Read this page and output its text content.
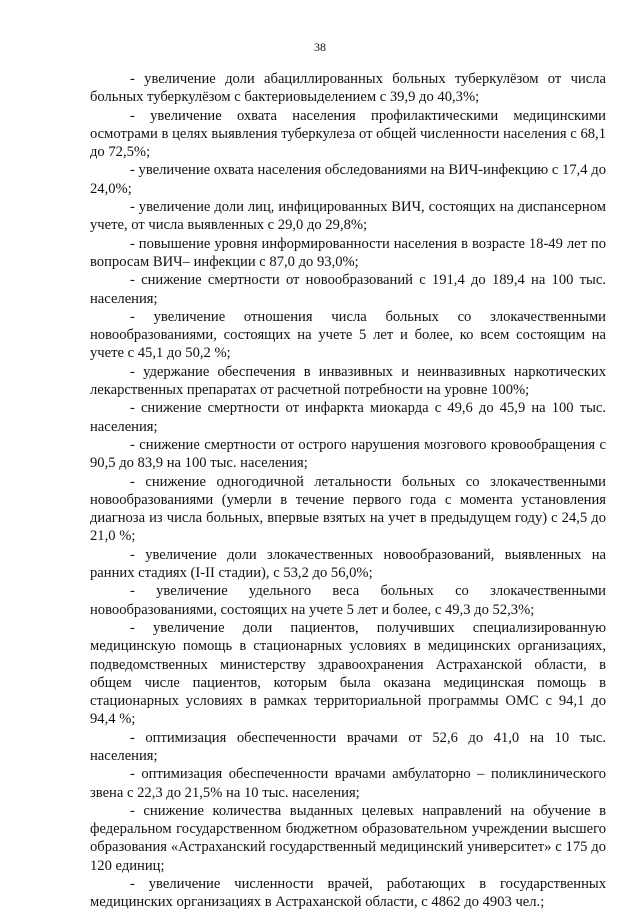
38

- увеличение доли абациллированных больных туберкулёзом от числа больных туберкулёзом с бактериовыделением с 39,9 до 40,3%;

- увеличение охвата населения профилактическими медицинскими осмотрами в целях выявления туберкулеза от общей численности населения с 68,1 до 72,5%;

- увеличение охвата населения обследованиями на ВИЧ-инфекцию с 17,4 до 24,0%;

- увеличение доли лиц, инфицированных ВИЧ, состоящих на диспансерном учете, от числа выявленных с 29,0 до 29,8%;

- повышение уровня информированности населения в возрасте 18-49 лет по вопросам ВИЧ– инфекции с 87,0 до 93,0%;

- снижение смертности от новообразований с 191,4 до 189,4 на 100 тыс. населения;

- увеличение отношения числа больных со злокачественными новообразованиями, состоящих на учете 5 лет и более, ко всем состоящим на учете с 45,1 до 50,2 %;

- удержание обеспечения в инвазивных и неинвазивных наркотических лекарственных препаратах от расчетной потребности на уровне 100%;

- снижение смертности от инфаркта миокарда с 49,6 до 45,9 на 100 тыс. населения;

- снижение смертности от острого нарушения мозгового кровообращения с 90,5 до 83,9 на 100 тыс. населения;

- снижение одногодичной летальности больных со злокачественными новообразованиями (умерли в течение первого года с момента установления диагноза из числа больных, впервые взятых на учет в предыдущем году) с 24,5 до 21,0 %;

- увеличение доли злокачественных новообразований, выявленных на ранних стадиях (I-II стадии), с 53,2 до 56,0%;

- увеличение удельного веса больных со злокачественными новообразованиями, состоящих на учете 5 лет и более, с 49,3 до 52,3%;

- увеличение доли пациентов, получивших специализированную медицинскую помощь в стационарных условиях в медицинских организациях, подведомственных министерству здравоохранения Астраханской области, в общем числе пациентов, которым была оказана медицинская помощь в стационарных условиях в рамках территориальной программы ОМС с 94,1 до 94,4 %;

- оптимизация обеспеченности врачами от 52,6 до 41,0 на 10 тыс. населения;

- оптимизация обеспеченности врачами амбулаторно – поликлинического звена с 22,3 до 21,5% на 10 тыс. населения;

- снижение количества выданных целевых направлений на обучение в федеральном государственном бюджетном образовательном учреждении высшего образования «Астраханский государственный медицинский университет» с 175 до 120 единиц;

- увеличение численности врачей, работающих в государственных медицинских организациях в Астраханской области, с 4862 до 4903 чел.;
